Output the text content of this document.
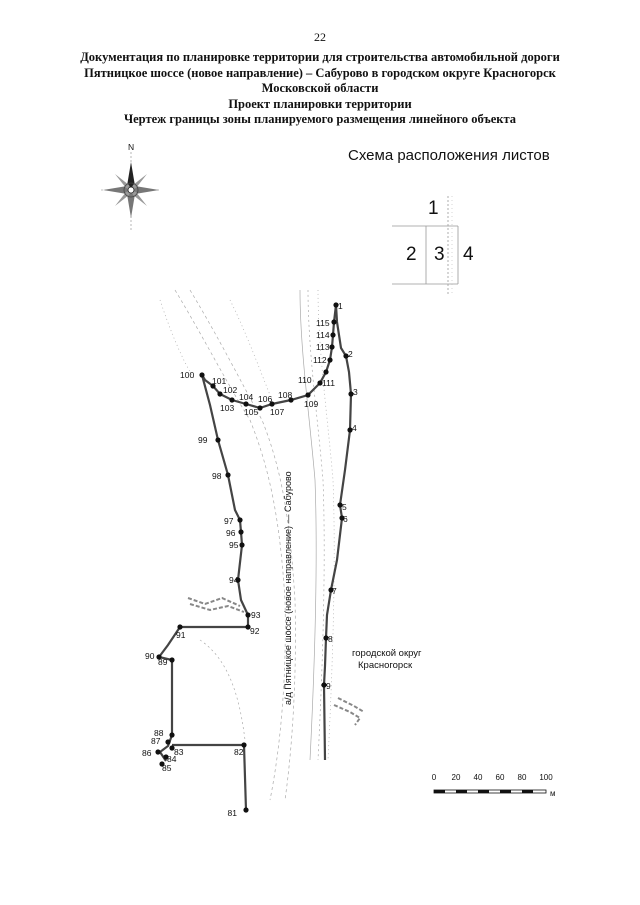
22
Документация по планировке территории для строительства автомобильной дороги
Пятницкое шоссе (новое направление) – Сабурово в городском округе Красногорск
Московской области
Проект планировки территории
Чертеж границы зоны планируемого размещения линейного объекта
Схема расположения листов
1
2 3 4
N
1
2
3
4
5
6
7
8
9
81
82
83
84
85
86
87
88
89
90
91	92
93
94
95
96
97
98
99
100
101
102
103
104
105
106
107
108
109
110 111
112
113
114
115
а/д Пятницкое шоссе (новое направление) — Сабурово	городской округ
Красногорск
0 20 40 60 80 100
м
